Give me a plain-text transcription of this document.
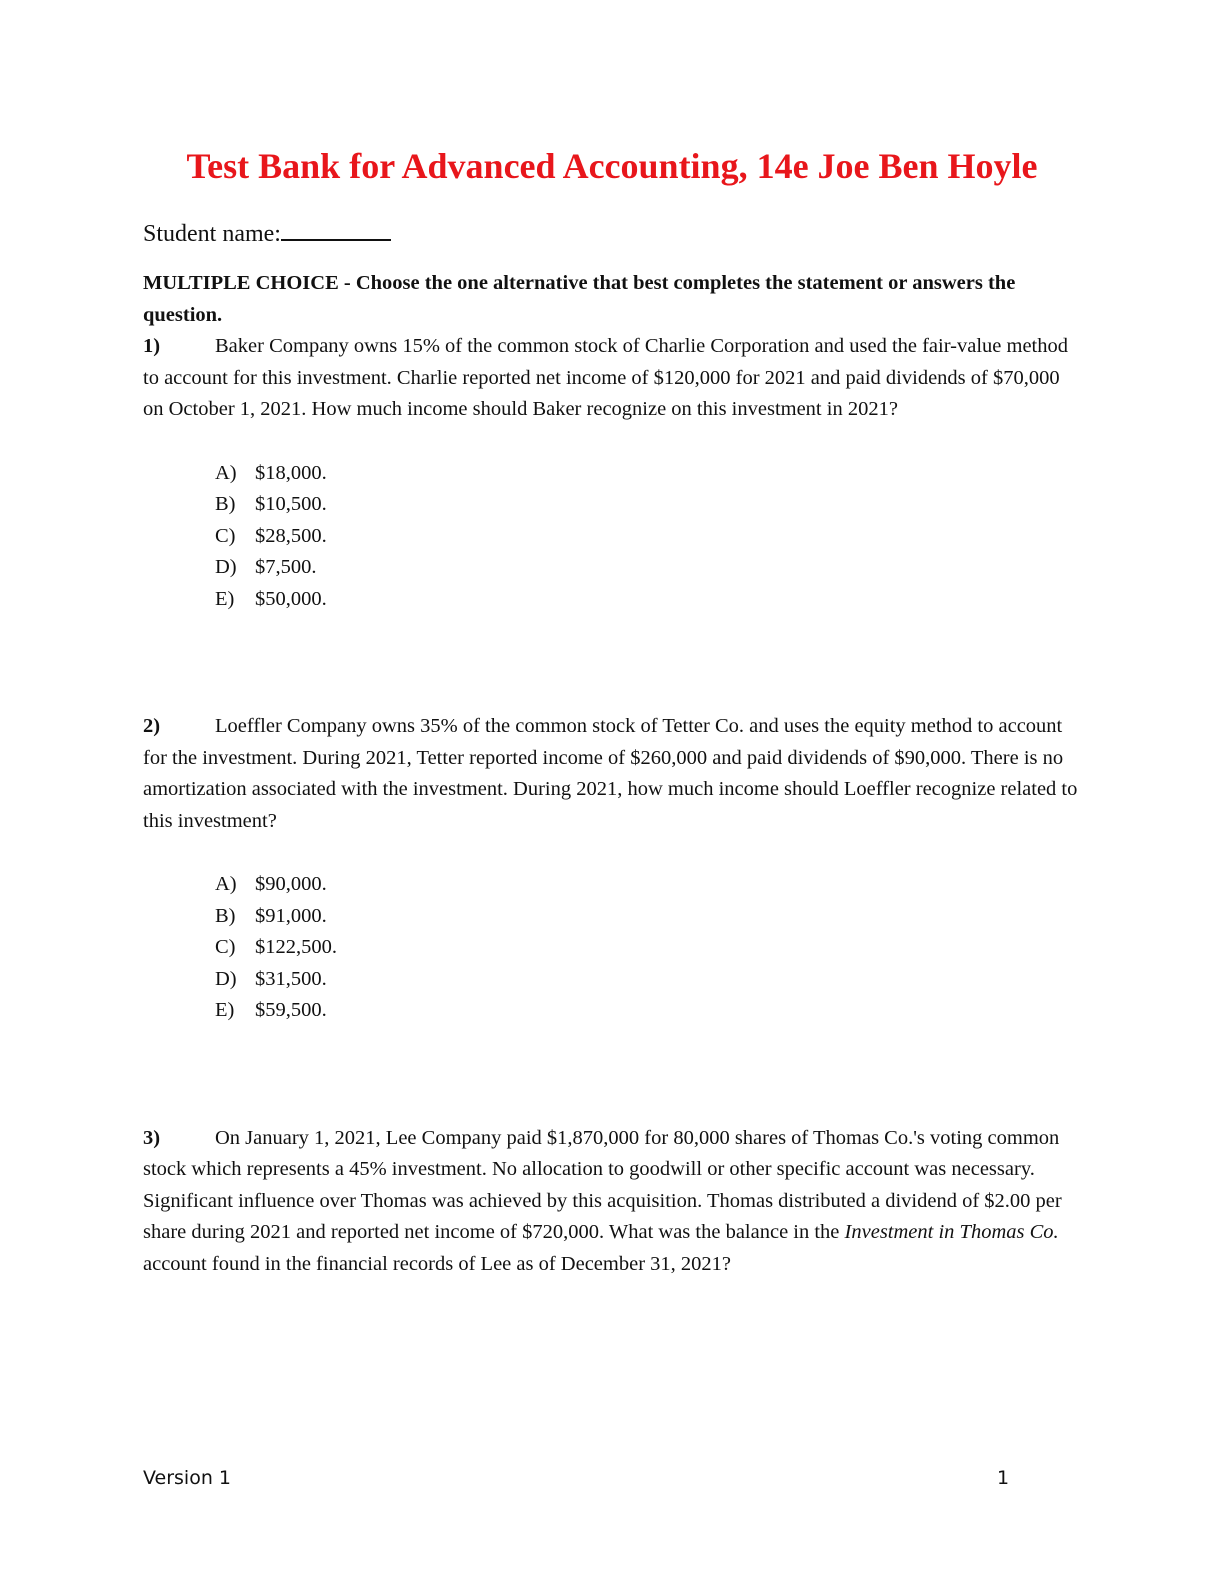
Test Bank for Advanced Accounting, 14e Joe Ben Hoyle

Student name:

MULTIPLE CHOICE - Choose the one alternative that best completes the statement or answers the question.

1)	Baker Company owns 15% of the common stock of Charlie Corporation and used the fair-value method to account for this investment. Charlie reported net income of $120,000 for 2021 and paid dividends of $70,000 on October 1, 2021. How much income should Baker recognize on this investment in 2021?

A) $18,000.
B) $10,500.
C) $28,500.
D) $7,500.
E) $50,000.

2)	Loeffler Company owns 35% of the common stock of Tetter Co. and uses the equity method to account for the investment. During 2021, Tetter reported income of $260,000 and paid dividends of $90,000. There is no amortization associated with the investment. During 2021, how much income should Loeffler recognize related to this investment?

A) $90,000.
B) $91,000.
C) $122,500.
D) $31,500.
E) $59,500.

3)	On January 1, 2021, Lee Company paid $1,870,000 for 80,000 shares of Thomas Co.'s voting common stock which represents a 45% investment. No allocation to goodwill or other specific account was necessary. Significant influence over Thomas was achieved by this acquisition. Thomas distributed a dividend of $2.00 per share during 2021 and reported net income of $720,000. What was the balance in the Investment in Thomas Co. account found in the financial records of Lee as of December 31, 2021?

Version 1	1
